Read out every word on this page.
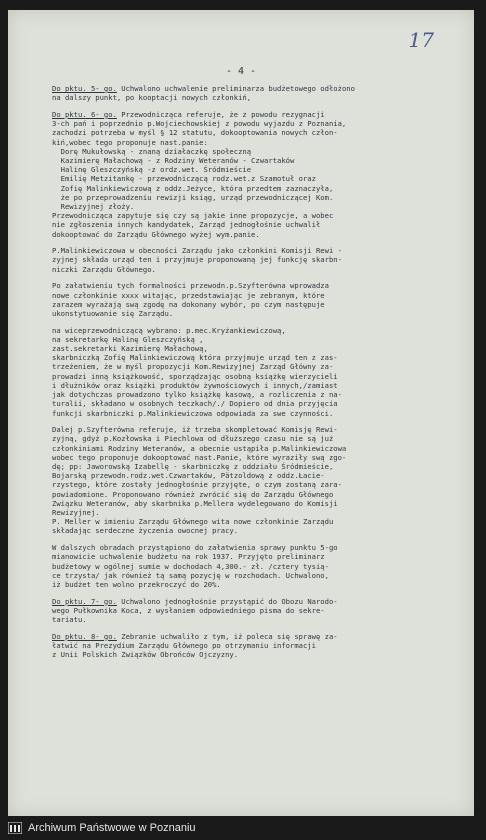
17
- 4 -
Do pktu. 5- go. Uchwalono uchwalenie preliminarza budżetowego odłożono
na dalszy punkt, po kooptacji nowych członkiń,
Do pktu. 6- go. Przewodnicząca referuje, że z powodu rezygnacji
3-ch pań i poprzednio p.Wojciechowskiej z powodu wyjazdu z Poznania,
zachodzi potrzeba w myśl § 12 statutu, dokooptowania nowych człon-
kiń,wobec tego proponuje nast.panie:
Dorę Mukułowską - znaną działaczkę społeczną
Kazimierę Małachową - z Rodziny Weteranów - Czwartaków
Halinę Gleszczyńską -z ordz.wet. Śródmieście
Emilię Metzitankę - przewodniczącą rodz.wet.z Szamotuł oraz
Zofię Malinkiewiczową z oddz.Jeżyce, która przedtem zaznaczyła,
że po przeprowadzeniu rewizji ksiąg, urząd przewodniczącej Kom.
Rewizyjnej złoży.
Przewodnicząca zapytuje się czy są jakie inne propozycje, a wobec
nie zgłoszenia innych kandydatek, Zarząd jednogłośnie uchwalił
dokooptować do Zarządu Głównego wyżej wym.panie.
P.Malinkiewiczowa w obecności Zarządu jako członkini Komisji Rewi -
zyjnej składa urząd ten i przyjmuje proponowaną jej funkcję skarbn-
niczki Zarządu Głównego.
Po załatwieniu tych formalności przewodn.p.Szyfterówna wprowadza
nowe członkinie xxxx witając, przedstawiając je zebranym, które
zarazem wyrażają swą zgodę na dokonany wybór, po czym następuje
ukonstytuowanie się Zarządu.
na wiceprzewodniczącą wybrano: p.mec.Kryżankiewiczową,
na sekretarkę Halinę Gleszczyńską ,
zast.sekretarki Kazimierę Małachową,
skarbniczką Zofię Malinkiewiczową która przyjmuje urząd ten z zas-
trzeżeniem, że w myśl propozycji Kom.Rewizyjnej Zarząd Główny za-
prowadzi inną książkowość, sporządzając osobną książkę wierzycieli
i dłużników oraz książki produktów żywnościowych i innych,/zamiast
jak dotychczas prowadzono tylko książkę kasową, a rozliczenia z na-
turalii, składano w osobnych teczkach/./ Dopiero od dnia przyjęcia
funkcji skarbniczki p.Malinkiewiczowa odpowiada za swe czynności.
Dalej p.Szyfterówna referuje, iż trzeba skompletować Komisję Rewi-
zyjną, gdyż p.Kozłowska i Piechlowa od dłuższego czasu nie są już
członkiniami Rodziny Weteranów, a obecnie ustąpiła p.Malinkiewiczowa
wobec tego proponuje dokooptować nast.Panie, które wyraziły swą zgo-
dę; pp: Jaworowską Izabellę - skarbniczkę z oddziału Śródmieście,
Bojarską przewodn.rodz.wet.Czwartaków, Pätzoldową z oddz.Łacie-
rzystego, które zostały jednogłośnie przyjęte, o czym zostaną zara-
powiadomione. Proponowano również zwrócić się do Zarządu Głównego
Związku Weteranów, aby skarbnika p.Mellera wydelegowano do Komisji
Rewizyjnej.
P. Meller w imieniu Zarządu Głównego wita nowe członkinie Zarządu
składając serdeczne życzenia owocnej pracy.
W dalszych obradach przystąpiono do załatwienia sprawy punktu 5-go
mianowicie uchwalenie budżetu na rok 1937. Przyjęto preliminarz
budżetowy w ogólnej sumie w dochodach 4,300.- zł. /cztery tysią-
ce trzysta/ jak również tą samą pozycję w rozchodach. Uchwalono,
iż budżet ten wolno przekroczyć do 20%.
Do pktu. 7- go. Uchwalono jednogłośnie przystąpić do Obozu Narodo-
wego Pułkownika Koca, z wysłaniem odpowiedniego pisma do sekre-
tariatu.
Do pktu. 8- go. Zebranie uchwaliło z tym, iż poleca się sprawę za-
łatwić na Prezydium Zarządu Głównego po otrzymaniu informacji
z Unii Polskich Związków Obrońców Ojczyzny.
Archiwum Państwowe w Poznaniu
